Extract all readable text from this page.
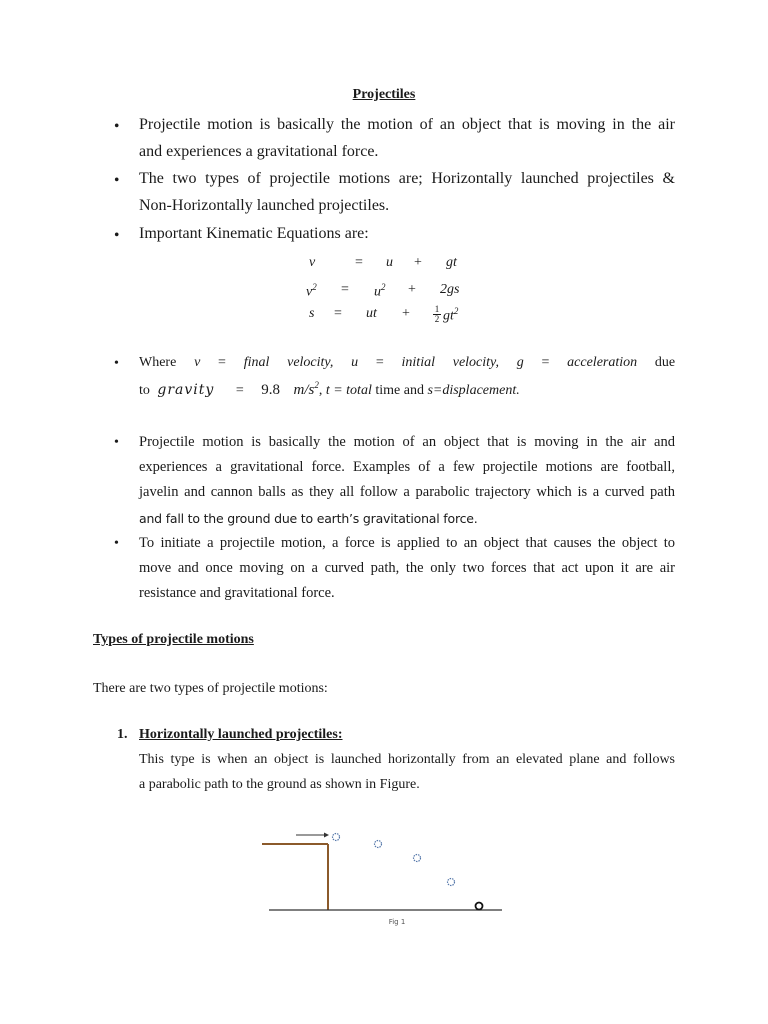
Projectiles
• Projectile motion is basically the motion of an object that is moving in the air
and experiences a gravitational force.
• The two types of projectile motions are; Horizontally launched projectiles &
Non-Horizontally launched projectiles.
• Important Kinematic Equations are:
v	= u + gt
$v^2 = u^2 + 2gs$
s = ut +	$\frac{1}{2} gt^2$
• Where v = final velocity, u = initial velocity, g = acceleration due
to gravity = 9.8 $m/s^2$, t = total time and s=displacement.
• Projectile motion is basically the motion of an object that is moving in the air and
experiences a gravitational force. Examples of a few projectile motions are football,
javelin and cannon balls as they all follow a parabolic trajectory which is a curved path
and fall to the ground due to earth’s gravitational force.
• To initiate a projectile motion, a force is applied to an object that causes the object to
move and once moving on a curved path, the only two forces that act upon it are air
resistance and gravitational force.
Types of projectile motions
There are two types of projectile motions:
1. Horizontally launched projectiles:
This type is when an object is launched horizontally from an elevated plane and follows
a parabolic path to the ground as shown in Figure.
Fig 1
